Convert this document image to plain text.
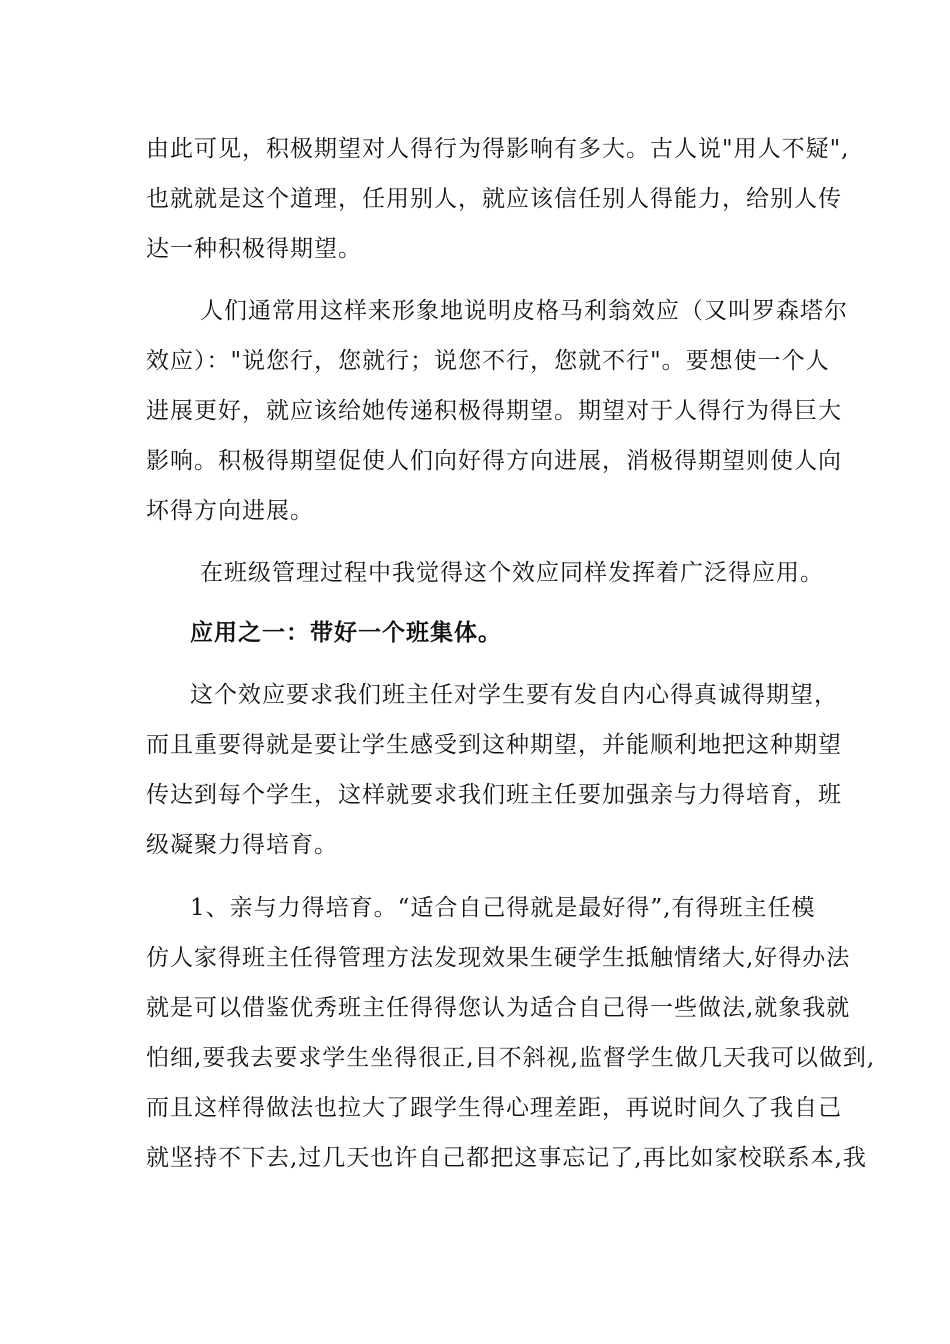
由此可见，积极期望对人得行为得影响有多大。古人说"用人不疑",
也就就是这个道理，任用别人，就应该信任别人得能力，给别人传
达一种积极得期望。
人们通常用这样来形象地说明皮格马利翁效应（又叫罗森塔尔
效应）："说您行，您就行；说您不行，您就不行"。要想使一个人
进展更好，就应该给她传递积极得期望。期望对于人得行为得巨大
影响。积极得期望促使人们向好得方向进展，消极得期望则使人向
坏得方向进展。
在班级管理过程中我觉得这个效应同样发挥着广泛得应用。
应用之一：带好一个班集体。
这个效应要求我们班主任对学生要有发自内心得真诚得期望，
而且重要得就是要让学生感受到这种期望，并能顺利地把这种期望
传达到每个学生，这样就要求我们班主任要加强亲与力得培育，班
级凝聚力得培育。
1、亲与力得培育。“适合自己得就是最好得”,有得班主任模
仿人家得班主任得管理方法发现效果生硬学生抵触情绪大,好得办法
就是可以借鉴优秀班主任得得您认为适合自己得一些做法,就象我就
怕细,要我去要求学生坐得很正,目不斜视,监督学生做几天我可以做到,
而且这样得做法也拉大了跟学生得心理差距，再说时间久了我自己
就坚持不下去,过几天也许自己都把这事忘记了,再比如家校联系本,我
